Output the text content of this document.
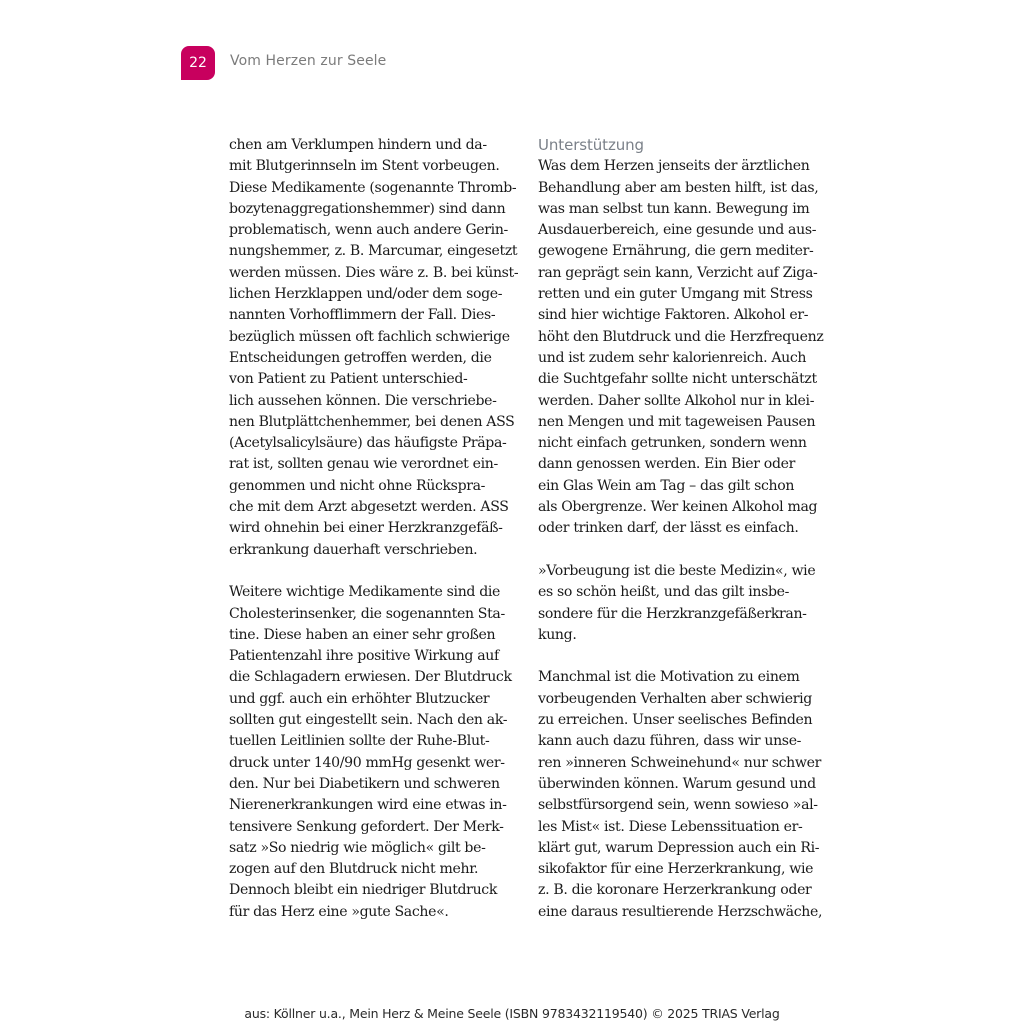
22	Vom Herzen zur Seele
chen am Verklumpen hindern und da-
mit Blutgerinnseln im Stent vorbeugen.
Diese Medikamente (sogenannte Thromb-
bozytenaggregationshemmer) sind dann
problematisch, wenn auch andere Gerin-
nungshemmer, z. B. Marcumar, eingesetzt
werden müssen. Dies wäre z. B. bei künst-
lichen Herzklappen und/oder dem soge-
nannten Vorhofflimmern der Fall. Dies-
bezüglich müssen oft fachlich schwierige
Entscheidungen getroffen werden, die
von Patient zu Patient unterschied-
lich aussehen können. Die verschriebe-
nen Blutplättchenhemmer, bei denen ASS
(Acetylsalicylsäure) das häufigste Präpa-
rat ist, sollten genau wie verordnet ein-
genommen und nicht ohne Rückspra-
che mit dem Arzt abgesetzt werden. ASS
wird ohnehin bei einer Herzkranzgefäß-
erkrankung dauerhaft verschrieben.
Weitere wichtige Medikamente sind die
Cholesterinsenker, die sogenannten Sta-
tine. Diese haben an einer sehr großen
Patientenzahl ihre positive Wirkung auf
die Schlagadern erwiesen. Der Blutdruck
und ggf. auch ein erhöhter Blutzucker
sollten gut eingestellt sein. Nach den ak-
tuellen Leitlinien sollte der Ruhe-Blut-
druck unter 140/90 mmHg gesenkt wer-
den. Nur bei Diabetikern und schweren
Nierenerkrankungen wird eine etwas in-
tensivere Senkung gefordert. Der Merk-
satz »So niedrig wie möglich« gilt be-
zogen auf den Blutdruck nicht mehr.
Dennoch bleibt ein niedriger Blutdruck
für das Herz eine »gute Sache«.
Unterstützung
Was dem Herzen jenseits der ärztlichen
Behandlung aber am besten hilft, ist das,
was man selbst tun kann. Bewegung im
Ausdauerbereich, eine gesunde und aus-
gewogene Ernährung, die gern mediter-
ran geprägt sein kann, Verzicht auf Ziga-
retten und ein guter Umgang mit Stress
sind hier wichtige Faktoren. Alkohol er-
höht den Blutdruck und die Herzfrequenz
und ist zudem sehr kalorienreich. Auch
die Suchtgefahr sollte nicht unterschätzt
werden. Daher sollte Alkohol nur in klei-
nen Mengen und mit tageweisen Pausen
nicht einfach getrunken, sondern wenn
dann genossen werden. Ein Bier oder
ein Glas Wein am Tag – das gilt schon
als Obergrenze. Wer keinen Alkohol mag
oder trinken darf, der lässt es einfach.
»Vorbeugung ist die beste Medizin«, wie
es so schön heißt, und das gilt insbe-
sondere für die Herzkranzgefäßerkran-
kung.
Manchmal ist die Motivation zu einem
vorbeugenden Verhalten aber schwierig
zu erreichen. Unser seelisches Befinden
kann auch dazu führen, dass wir unse-
ren »inneren Schweinehund« nur schwer
überwinden können. Warum gesund und
selbstfürsorgend sein, wenn sowieso »al-
les Mist« ist. Diese Lebenssituation er-
klärt gut, warum Depression auch ein Ri-
sikofaktor für eine Herzerkrankung, wie
z. B. die koronare Herzerkrankung oder
eine daraus resultierende Herzschwäche,
aus: Köllner u.a., Mein Herz & Meine Seele (ISBN 9783432119540) © 2025 TRIAS Verlag
